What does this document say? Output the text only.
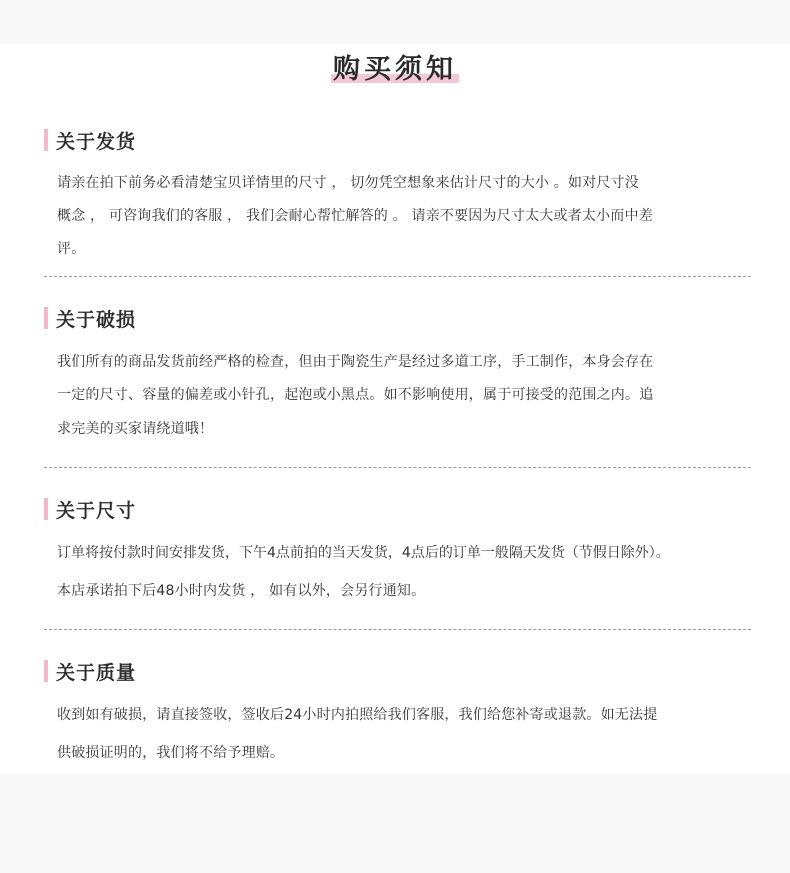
购买须知
关于发货
请亲在拍下前务必看清楚宝贝详情里的尺寸 ， 切勿凭空想象来估计尺寸的大小 。如对尺寸没
概念 ， 可咨询我们的客服 ， 我们会耐心帮忙解答的 。 请亲不要因为尺寸太大或者太小而中差
评。
关于破损
我们所有的商品发货前经严格的检查，但由于陶瓷生产是经过多道工序，手工制作，本身会存在
一定的尺寸、容量的偏差或小针孔，起泡或小黑点。如不影响使用，属于可接受的范围之内。追
求完美的买家请绕道哦！
关于尺寸
订单将按付款时间安排发货，下午4点前拍的当天发货，4点后的订单一般隔天发货（节假日除外）。
本店承诺拍下后48小时内发货 ， 如有以外，会另行通知。
关于质量
收到如有破损，请直接签收，签收后24小时内拍照给我们客服，我们给您补寄或退款。如无法提
供破损证明的，我们将不给予理赔。
